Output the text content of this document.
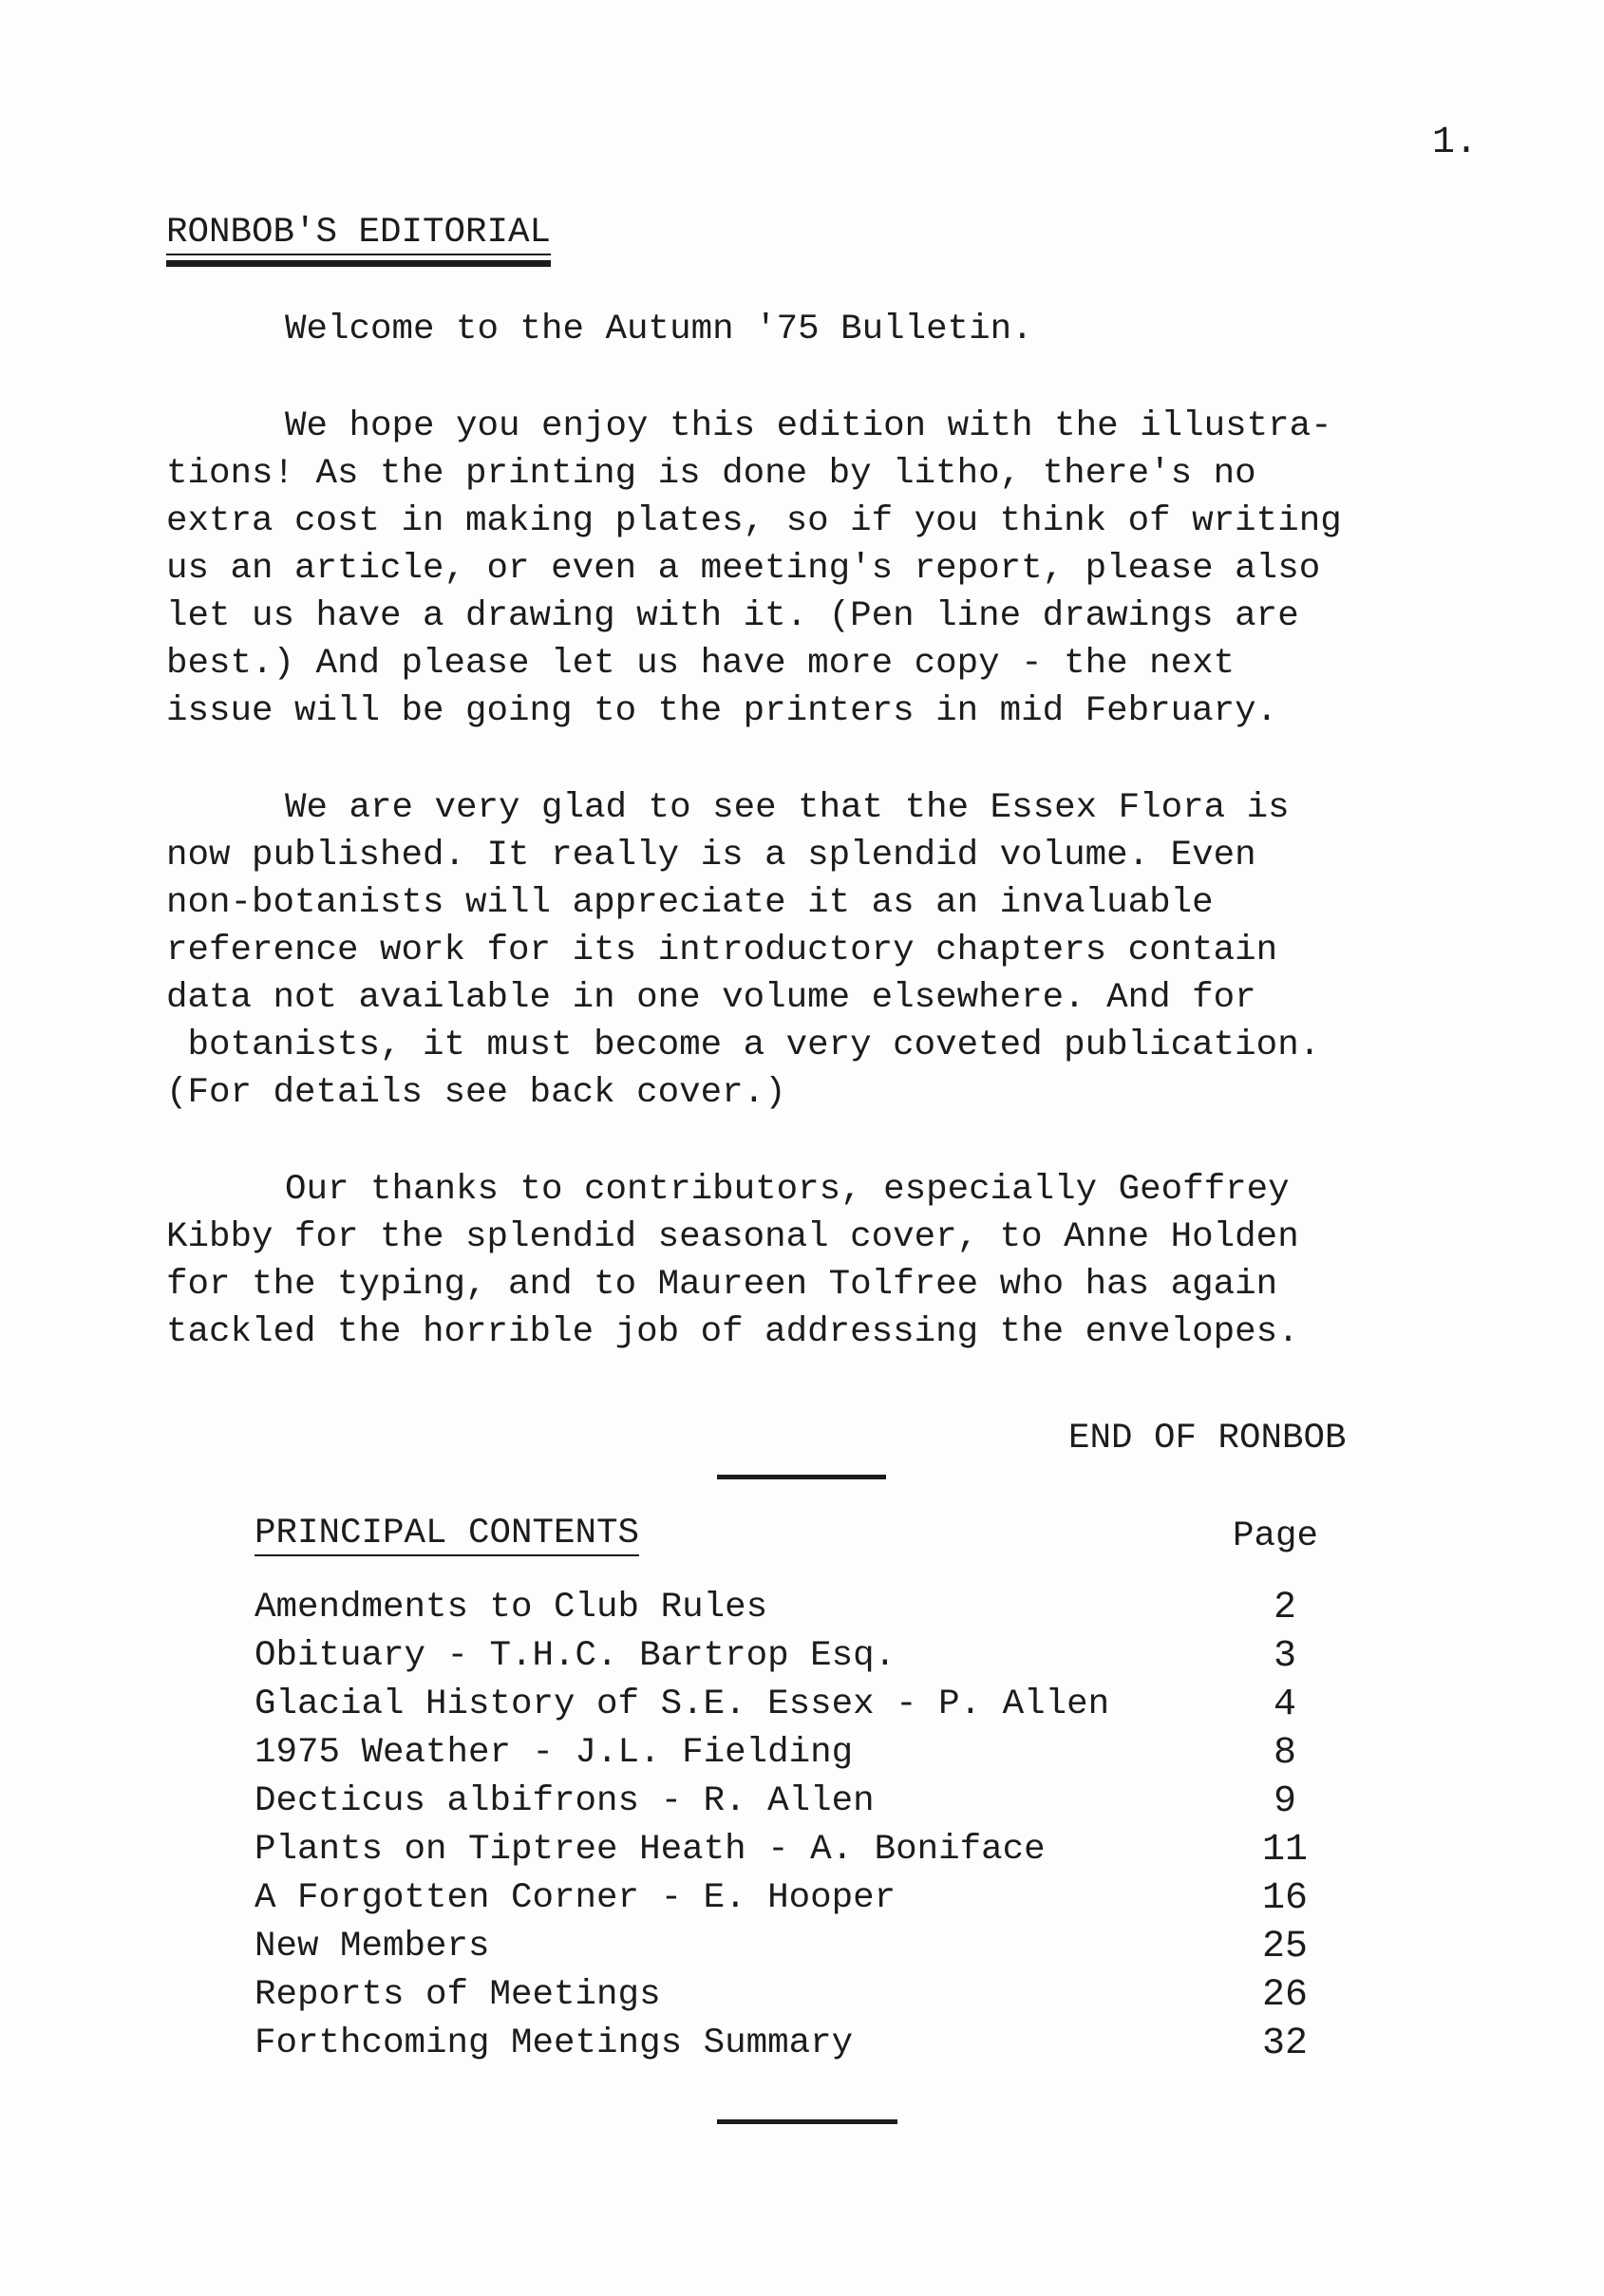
1.
RONBOB'S EDITORIAL

Welcome to the Autumn '75 Bulletin.

We hope you enjoy this edition with the illustra-
tions! As the printing is done by litho, there's no
extra cost in making plates, so if you think of writing
us an article, or even a meeting's report, please also
let us have a drawing with it. (Pen line drawings are
best.) And please let us have more copy - the next
issue will be going to the printers in mid February.

We are very glad to see that the Essex Flora is
now published. It really is a splendid volume. Even
non-botanists will appreciate it as an invaluable
reference work for its introductory chapters contain
data not available in one volume elsewhere. And for
botanists, it must become a very coveted publication.
(For details see back cover.)

Our thanks to contributors, especially Geoffrey
Kibby for the splendid seasonal cover, to Anne Holden
for the typing, and to Maureen Tolfree who has again
tackled the horrible job of addressing the envelopes.

END OF RONBOB
PRINCIPAL CONTENTS	Page
Amendments to Club Rules	2
Obituary - T.H.C. Bartrop Esq.	3
Glacial History of S.E. Essex - P. Allen	4
1975 Weather - J.L. Fielding	8
Decticus albifrons - R. Allen	9
Plants on Tiptree Heath - A. Boniface	11
A Forgotten Corner - E. Hooper	16
New Members	25
Reports of Meetings	26
Forthcoming Meetings Summary	32
